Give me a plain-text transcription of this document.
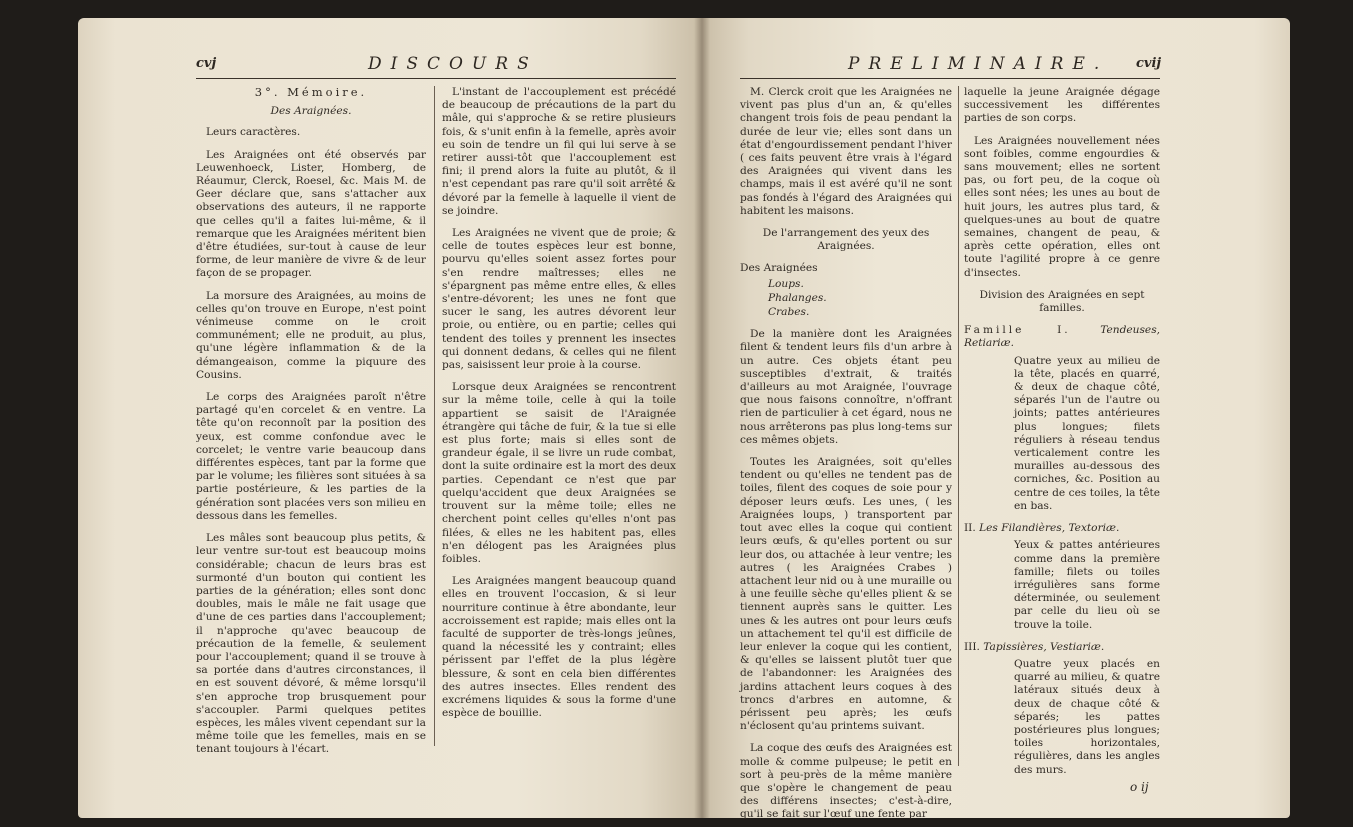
cvj	DISCOURS

3°. Mémoire.

Des Araignées.

Leurs caractères.

Les Araignées ont été observés par Leuwenhoeck, Lister, Homberg, de Réaumur, Clerck, Roesel, &c. Mais M. de Geer déclare que, sans s'attacher aux observations des auteurs, il ne rapporte que celles qu'il a faites lui-même, & il remarque que les Araignées méritent bien d'être étudiées, sur-tout à cause de leur forme, de leur manière de vivre & de leur façon de se propager.

La morsure des Araignées, au moins de celles qu'on trouve en Europe, n'est point vénimeuse comme on le croit communément; elle ne produit, au plus, qu'une légère inflammation & de la démangeaison, comme la piquure des Cousins.

Le corps des Araignées paroît n'être partagé qu'en corcelet & en ventre. La tête qu'on reconnoît par la position des yeux, est comme confondue avec le corcelet; le ventre varie beaucoup dans différentes espèces, tant par la forme que par le volume; les filières sont situées à sa partie postérieure, & les parties de la génération sont placées vers son milieu en dessous dans les femelles.

Les mâles sont beaucoup plus petits, & leur ventre sur-tout est beaucoup moins considérable; chacun de leurs bras est surmonté d'un bouton qui contient les parties de la génération; elles sont donc doubles, mais le mâle ne fait usage que d'une de ces parties dans l'accouplement; il n'approche qu'avec beaucoup de précaution de la femelle, & seulement pour l'accouplement; quand il se trouve à sa portée dans d'autres circonstances, il en est souvent dévoré, & même lorsqu'il s'en approche trop brusquement pour s'accoupler. Parmi quelques petites espèces, les mâles vivent cependant sur la même toile que les femelles, mais en se tenant toujours à l'écart.

L'instant de l'accouplement est précédé de beaucoup de précautions de la part du mâle, qui s'approche & se retire plusieurs fois, & s'unit enfin à la femelle, après avoir eu soin de tendre un fil qui lui serve à se retirer aussi-tôt que l'accouplement est fini; il prend alors la fuite au plutôt, & il n'est cependant pas rare qu'il soit arrêté & dévoré par la femelle à laquelle il vient de se joindre.

Les Araignées ne vivent que de proie; & celle de toutes espèces leur est bonne, pourvu qu'elles soient assez fortes pour s'en rendre maîtresses; elles ne s'épargnent pas même entre elles, & elles s'entre-dévorent; les unes ne font que sucer le sang, les autres dévorent leur proie, ou entière, ou en partie; celles qui tendent des toiles y prennent les insectes qui donnent dedans, & celles qui ne filent pas, saisissent leur proie à la course.

Lorsque deux Araignées se rencontrent sur la même toile, celle à qui la toile appartient se saisit de l'Araignée étrangère qui tâche de fuir, & la tue si elle est plus forte; mais si elles sont de grandeur égale, il se livre un rude combat, dont la suite ordinaire est la mort des deux parties. Cependant ce n'est que par quelqu'accident que deux Araignées se trouvent sur la même toile; elles ne cherchent point celles qu'elles n'ont pas filées, & elles ne les habitent pas, elles n'en délogent pas les Araignées plus foibles.

Les Araignées mangent beaucoup quand elles en trouvent l'occasion, & si leur nourriture continue à être abondante, leur accroissement est rapide; mais elles ont la faculté de supporter de très-longs jeûnes, quand la nécessité les y contraint; elles périssent par l'effet de la plus légère blessure, & sont en cela bien différentes des autres insectes. Elles rendent des excrémens liquides & sous la forme d'une espèce de bouillie.

PRELIMINAIRE. cvij

M. Clerck croit que les Araignées ne vivent pas plus d'un an, & qu'elles changent trois fois de peau pendant la durée de leur vie; elles sont dans un état d'engourdissement pendant l'hiver ( ces faits peuvent être vrais à l'égard des Araignées qui vivent dans les champs, mais il est avéré qu'il ne sont pas fondés à l'égard des Araignées qui habitent les maisons.

De l'arrangement des yeux des Araignées.

Des Araignées

Loups.
Phalanges.
Crabes.

De la manière dont les Araignées filent & tendent leurs fils d'un arbre à un autre. Ces objets étant peu susceptibles d'extrait, & traités d'ailleurs au mot Araignée, l'ouvrage que nous faisons connoître, n'offrant rien de particulier à cet égard, nous ne nous arrêterons pas plus long-tems sur ces mêmes objets.

Toutes les Araignées, soit qu'elles tendent ou qu'elles ne tendent pas de toiles, filent des coques de soie pour y déposer leurs œufs. Les unes, ( les Araignées loups, ) transportent par tout avec elles la coque qui contient leurs œufs, & qu'elles portent ou sur leur dos, ou attachée à leur ventre; les autres ( les Araignées Crabes ) attachent leur nid ou à une muraille ou à une feuille sèche qu'elles plient & se tiennent auprès sans le quitter. Les unes & les autres ont pour leurs œufs un attachement tel qu'il est difficile de leur enlever la coque qui les contient, & qu'elles se laissent plutôt tuer que de l'abandonner: les Araignées des jardins attachent leurs coques à des troncs d'arbres en automne, & périssent peu après; les œufs n'éclosent qu'au printems suivant.

La coque des œufs des Araignées est molle & comme pulpeuse; le petit en sort à peu-près de la même manière que s'opère le changement de peau des différens insectes; c'est-à-dire, qu'il se fait sur l'œuf une fente par

laquelle la jeune Araignée dégage successivement les différentes parties de son corps.

Les Araignées nouvellement nées sont foibles, comme engourdies & sans mouvement; elles ne sortent pas, ou fort peu, de la coque où elles sont nées; les unes au bout de huit jours, les autres plus tard, & quelques-unes au bout de quatre semaines, changent de peau, & après cette opération, elles ont toute l'agilité propre à ce genre d'insectes.

Division des Araignées en sept familles.

Famille I.	Tendeuses, Retiariæ.

Quatre yeux au milieu de la tête, placés en quarré, & deux de chaque côté, séparés l'un de l'autre ou joints; pattes antérieures plus longues; filets réguliers à réseau tendus verticalement contre les murailles au-dessous des corniches, &c. Position au centre de ces toiles, la tête en bas.

II. Les Filandières, Textoriæ.

Yeux & pattes antérieures comme dans la première famille; filets ou toiles irrégulières sans forme déterminée, ou seulement par celle du lieu où se trouve la toile.

III. Tapissières, Vestiariæ.

Quatre yeux placés en quarré au milieu, & quatre latéraux situés deux à deux de chaque côté & séparés; les pattes postérieures plus longues; toiles horizontales, régulières, dans les angles des murs.

o ij
